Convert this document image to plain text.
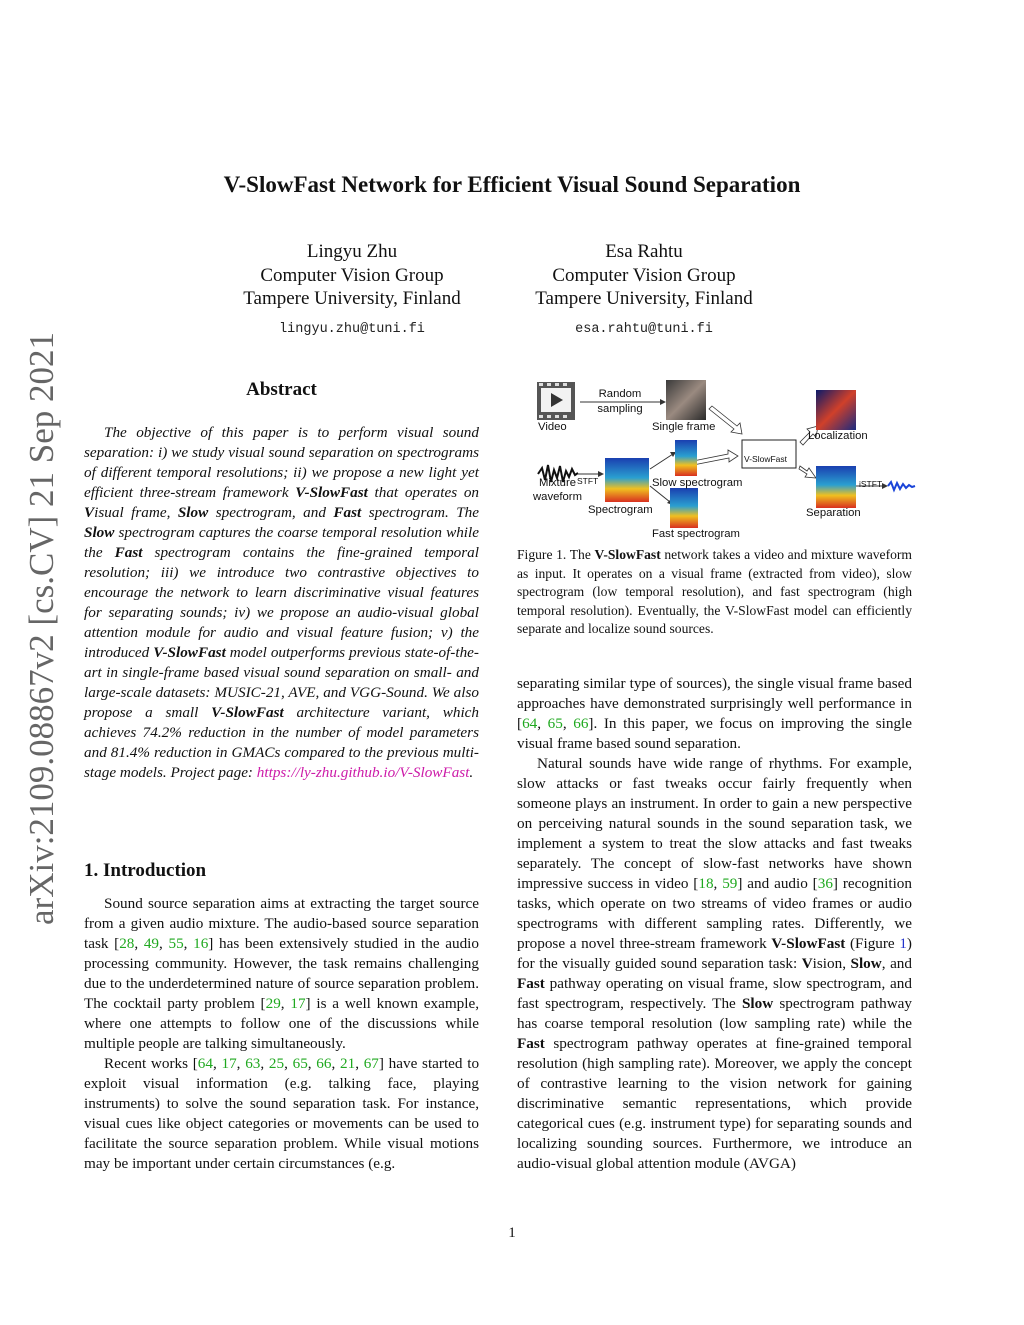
arXiv:2109.08867v2 [cs.CV] 21 Sep 2021
V-SlowFast Network for Efficient Visual Sound Separation
Lingyu Zhu
Computer Vision Group
Tampere University, Finland
lingyu.zhu@tuni.fi
Esa Rahtu
Computer Vision Group
Tampere University, Finland
esa.rahtu@tuni.fi
Abstract

The objective of this paper is to perform visual sound separation: i) we study visual sound separation on spectrograms of different temporal resolutions; ii) we propose a new light yet efficient three-stream framework V-SlowFast that operates on Visual frame, Slow spectrogram, and Fast spectrogram. The Slow spectrogram captures the coarse temporal resolution while the Fast spectrogram contains the fine-grained temporal resolution; iii) we introduce two contrastive objectives to encourage the network to learn discriminative visual features for separating sounds; iv) we propose an audio-visual global attention module for audio and visual feature fusion; v) the introduced V-SlowFast model outperforms previous state-of-the-art in single-frame based visual sound separation on small- and large-scale datasets: MUSIC-21, AVE, and VGG-Sound. We also propose a small V-SlowFast architecture variant, which achieves 74.2% reduction in the number of model parameters and 81.4% reduction in GMACs compared to the previous multi-stage models. Project page: https://ly-zhu.github.io/V-SlowFast.

1. Introduction

Sound source separation aims at extracting the target source from a given audio mixture. The audio-based source separation task [28, 49, 55, 16] has been extensively studied in the audio processing community. However, the task remains challenging due to the underdetermined nature of source separation problem. The cocktail party problem [29, 17] is a well known example, where one attempts to follow one of the discussions while multiple people are talking simultaneously.

Recent works [64, 17, 63, 25, 65, 66, 21, 67] have started to exploit visual information (e.g. talking face, playing instruments) to solve the sound separation task. For instance, visual cues like object categories or movements can be used to facilitate the source separation problem. While visual motions may be important under certain circumstances (e.g.

Video
Random sampling
Single frame
Localization
V-SlowFast
Mixture waveform
STFT
Spectrogram
Slow spectrogram
Fast spectrogram
iSTFT
Separation
Figure 1. The V-SlowFast network takes a video and mixture waveform as input. It operates on a visual frame (extracted from video), slow spectrogram (low temporal resolution), and fast spectrogram (high temporal resolution). Eventually, the V-SlowFast model can efficiently separate and localize sound sources.

separating similar type of sources), the single visual frame based approaches have demonstrated surprisingly well performance in [64, 65, 66]. In this paper, we focus on improving the single visual frame based sound separation.

Natural sounds have wide range of rhythms. For example, slow attacks or fast tweaks occur fairly frequently when someone plays an instrument. In order to gain a new perspective on perceiving natural sounds in the sound separation task, we implement a system to treat the slow attacks and fast tweaks separately. The concept of slow-fast networks have shown impressive success in video [18, 59] and audio [36] recognition tasks, which operate on two streams of video frames or audio spectrograms with different sampling rates. Differently, we propose a novel three-stream framework V-SlowFast (Figure 1) for the visually guided sound separation task: Vision, Slow, and Fast pathway operating on visual frame, slow spectrogram, and fast spectrogram, respectively. The Slow spectrogram pathway has coarse temporal resolution (low sampling rate) while the Fast spectrogram pathway operates at fine-grained temporal resolution (high sampling rate). Moreover, we apply the concept of contrastive learning to the vision network for gaining discriminative semantic representations, which provide categorical cues (e.g. instrument type) for separating sounds and localizing sounding sources. Furthermore, we introduce an audio-visual global attention module (AVGA)

1
